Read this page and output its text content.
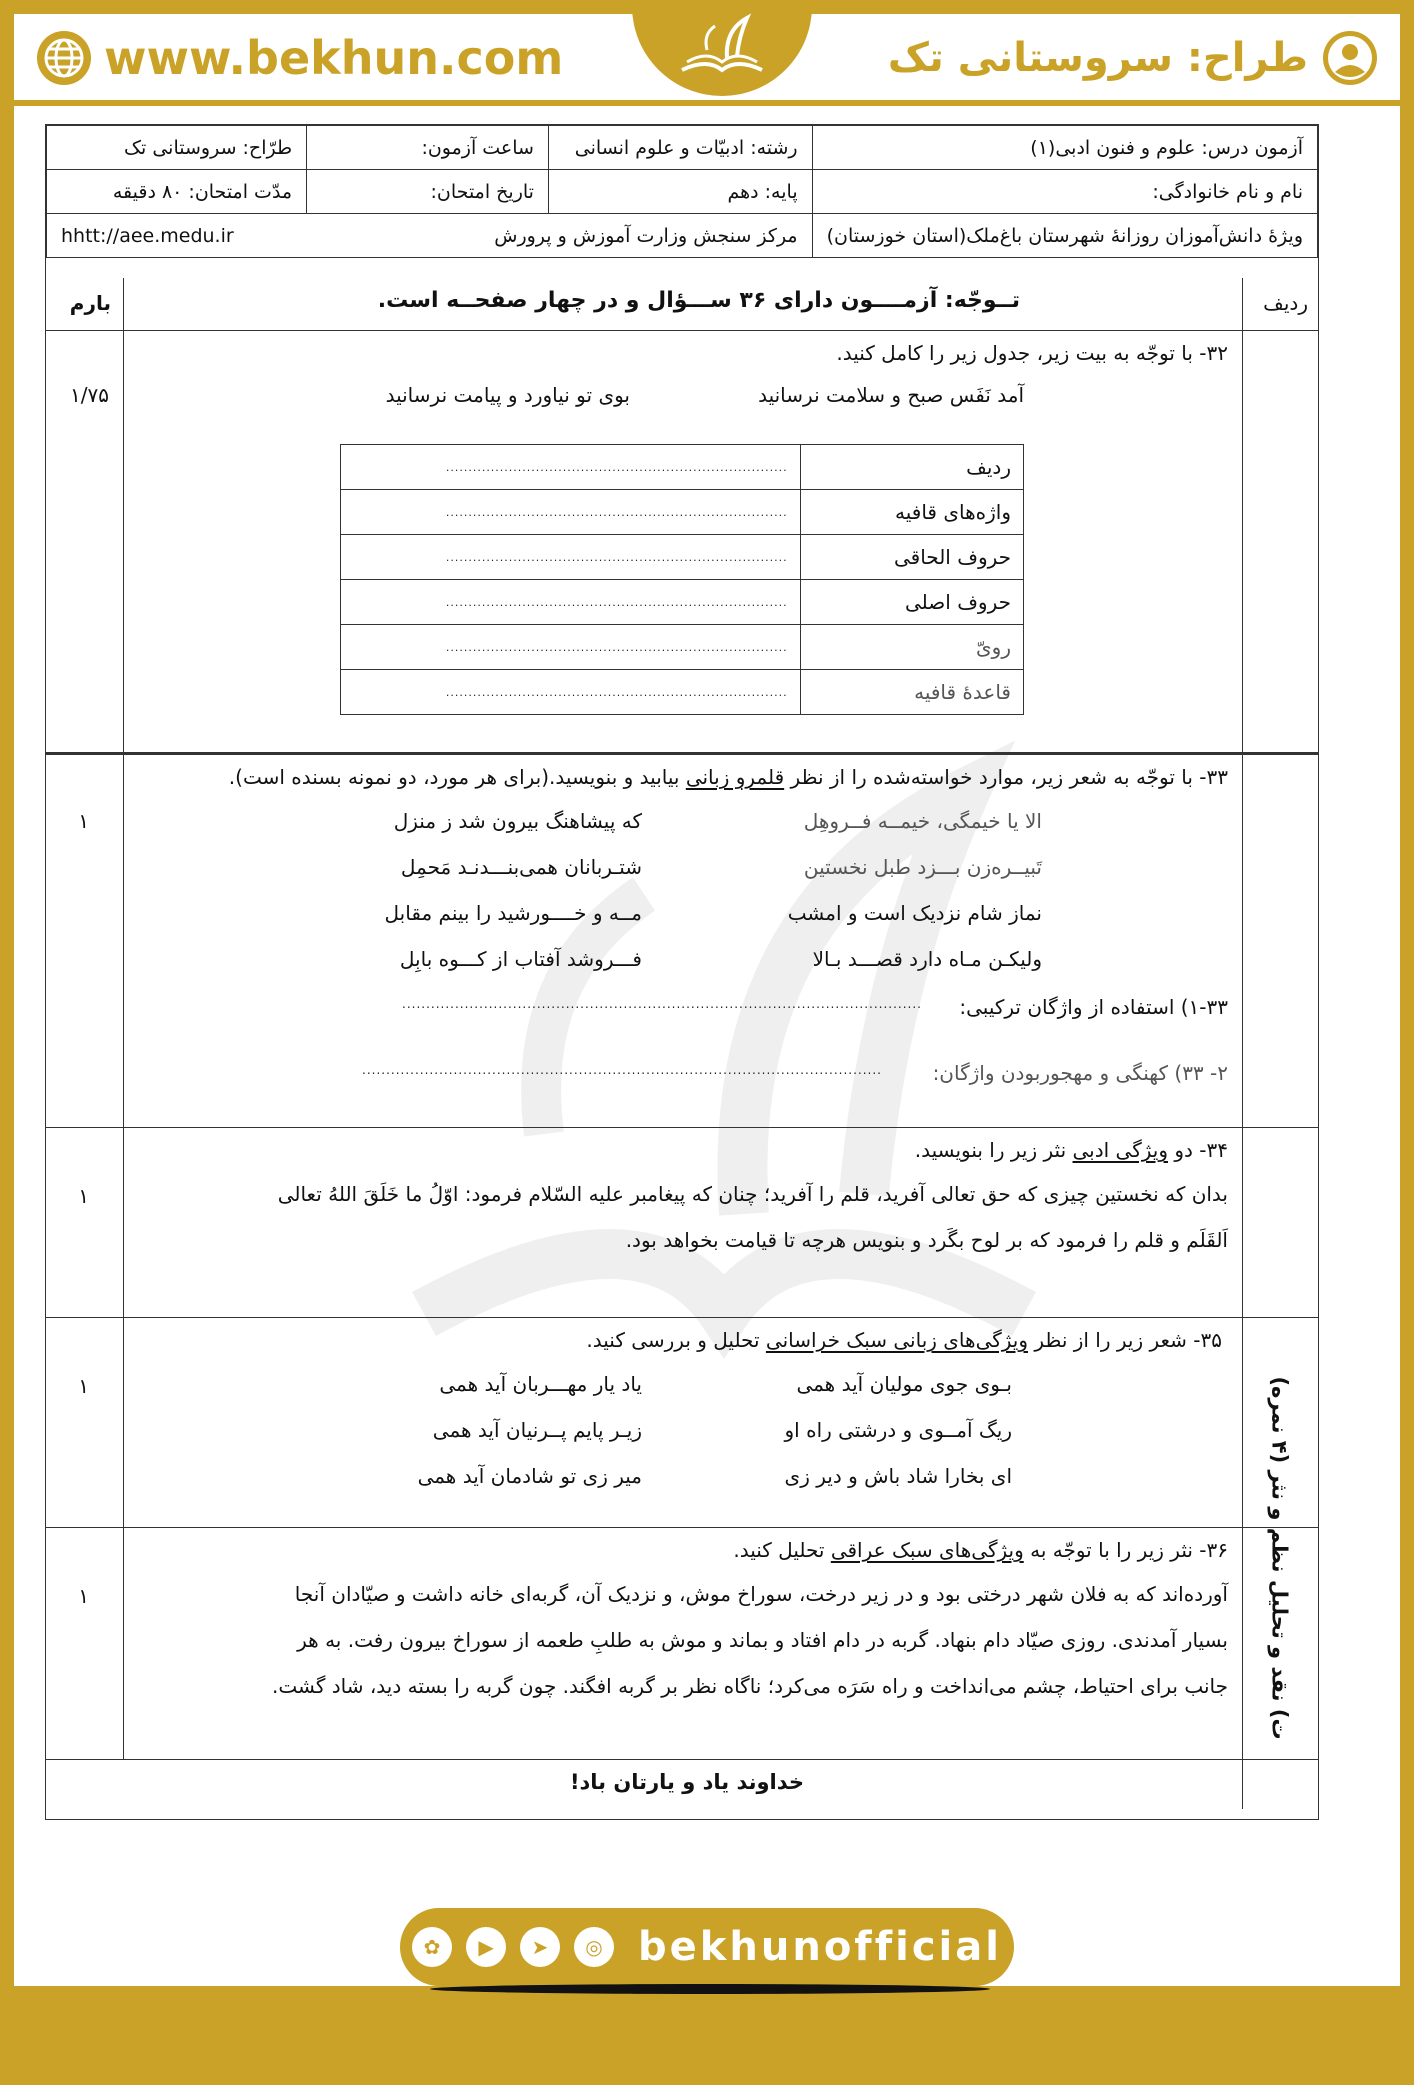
www.bekhun.com	طراح: سروستانی تک
آزمون درس: علوم و فنون ادبی(۱)	رشته: ادبیّات و علوم انسانی	ساعت آزمون:	طرّاح: سروستانی تک
نام و نام خانوادگی:	پایه: دهم	تاریخ امتحان:	مدّت امتحان: ۸۰ دقیقه
ویژۀ دانش‌آموزان روزانۀ شهرستان باغ‌ملک(استان خوزستان)	مرکز سنجش وزارت آموزش و پرورش
hhtt://aee.medu.ir		
ردیف
تــوجّه: آزمــــون دارای ۳۶ ســـؤال و در چهار صفحــه است.
بارم
۳۲- با توجّه به بیت زیر، جدول زیر را کامل کنید.
آمد نَفَس صبح و سلامت نرسانید
بوی تو نیاورد و پیامت نرسانید
ردیف	............................................................................
واژه‌های قافیه	............................................................................
حروف الحاقی	............................................................................
حروف اصلی	............................................................................
رویّ	............................................................................
قاعدۀ قافیه	............................................................................
۱/۷۵
۳۳- با توجّه به شعر زیر، موارد خواسته‌شده را از نظر قلمرو زبانی بیابید و بنویسید.(برای هر مورد، دو نمونه بسنده است).
الا یا خیمگی، خیمــه فــروهِل
که پیشاهنگ بیرون شد ز منزل
تَبیــره‌زن بـــزد طبل نخستین
شتـربانان همی‌بنـــدنـد مَحمِل
نماز شام نزدیک است و امشب
مــه و خــــورشید را بینم مقابل
ولیکـن مـاه دارد قصـــد بـالا
فـــروشد آفتاب از کـــوه بابِل
۱-۳۳) استفاده از واژگان ترکیبی:
............................................................................................................
۲- ۳۳) کهنگی و مهجوربودن واژگان:
............................................................................................................
۱
۳۴- دو ویژگی ادبی نثر زیر را بنویسید.
بدان که نخستین چیزی که حق تعالی آفرید، قلم را آفرید؛ چنان که پیغامبر علیه السّلام فرمود: اوّلُ ما خَلَقَ اللهُ تعالی
اَلقَلَم و قلم را فرمود که بر لوح بگَرد و بنویس هرچه تا قیامت بخواهد بود.
۱
۳۵- شعر زیر را از نظر ویژگی‌های زبانی سبک خراسانی تحلیل و بررسی کنید.
بـوی جوی مولیان آید همی
یاد یار مهـــربان آید همی
ریگ آمــوی و درشتی راه او
زیـر پایم پــرنیان آید همی
ای بخارا شاد باش و دیر زی
میر زی تو شادمان آید همی
۱
۳۶- نثر زیر را با توجّه به ویژگی‌های سبک عراقی تحلیل کنید.
آورده‌اند که به فلان شهر درختی بود و در زیر درخت، سوراخ موش، و نزدیک آن، گربه‌ای خانه داشت و صیّادان آنجا
بسیار آمدندی. روزی صیّاد دام بنهاد. گربه در دام افتاد و بماند و موش به طلبِ طعمه از سوراخ بیرون رفت. به هر
جانب برای احتیاط، چشم می‌انداخت و راه سَرَه می‌کرد؛ ناگاه نظر بر گربه افگند. چون گربه را بسته دید، شاد گشت.
۱
خداوند یاد و یارتان باد!
ت) نقد و تحلیل نظم و نثر (۴ نمره)
✿	▶	➤	◎ bekhunofficial
